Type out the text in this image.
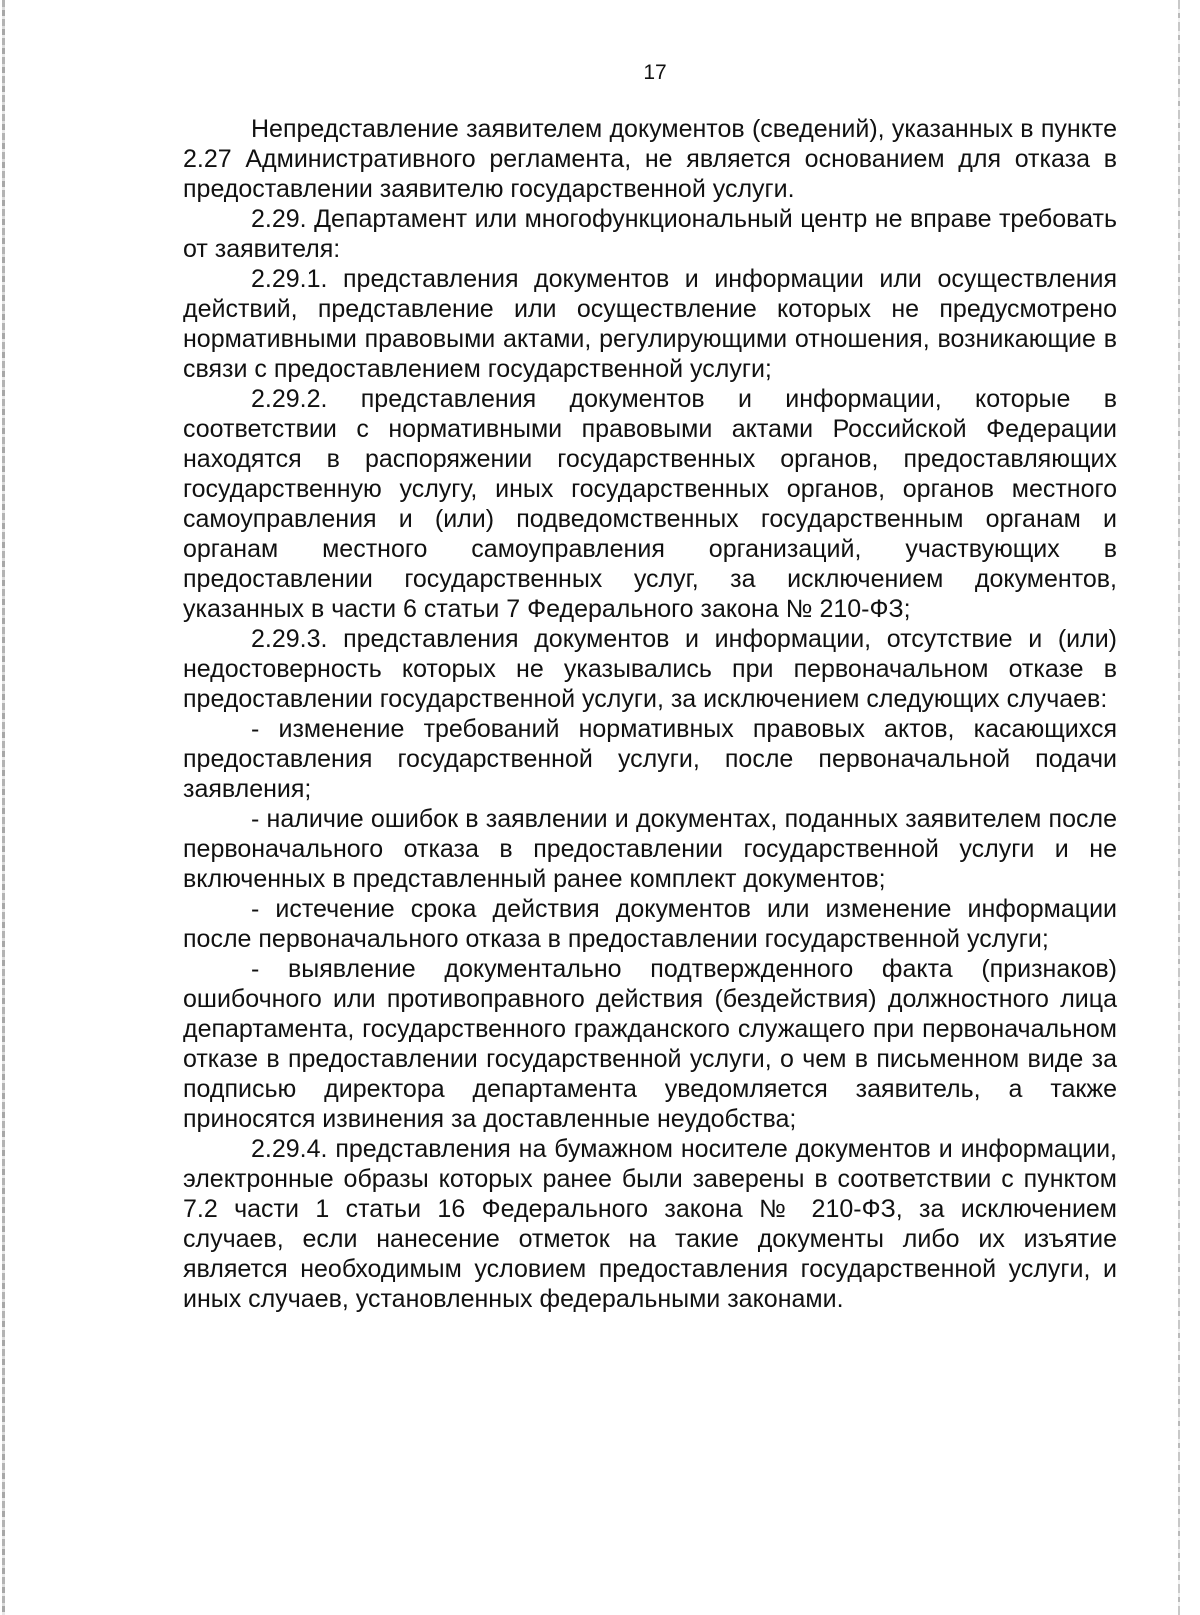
17

Непредставление заявителем документов (сведений), указанных в пункте 2.27 Административного регламента, не является основанием для отказа в предоставлении заявителю государственной услуги.

2.29. Департамент или многофункциональный центр не вправе требовать от заявителя:

2.29.1. представления документов и информации или осуществления действий, представление или осуществление которых не предусмотрено нормативными правовыми актами, регулирующими отношения, возникающие в связи с предоставлением государственной услуги;

2.29.2. представления документов и информации, которые в соответствии с нормативными правовыми актами Российской Федерации находятся в распоряжении государственных органов, предоставляющих государственную услугу, иных государственных органов, органов местного самоуправления и (или) подведомственных государственным органам и органам местного самоуправления организаций, участвующих в предоставлении государственных услуг, за исключением документов, указанных в части 6 статьи 7 Федерального закона № 210-ФЗ;

2.29.3. представления документов и информации, отсутствие и (или) недостоверность которых не указывались при первоначальном отказе в предоставлении государственной услуги, за исключением следующих случаев:

- изменение требований нормативных правовых актов, касающихся предоставления государственной услуги, после первоначальной подачи заявления;

- наличие ошибок в заявлении и документах, поданных заявителем после первоначального отказа в предоставлении государственной услуги и не включенных в представленный ранее комплект документов;

- истечение срока действия документов или изменение информации после первоначального отказа в предоставлении государственной услуги;

- выявление документально подтвержденного факта (признаков) ошибочного или противоправного действия (бездействия) должностного лица департамента, государственного гражданского служащего при первоначальном отказе в предоставлении государственной услуги, о чем в письменном виде за подписью директора департамента уведомляется заявитель, а также приносятся извинения за доставленные неудобства;

2.29.4. представления на бумажном носителе документов и информации, электронные образы которых ранее были заверены в соответствии с пунктом 7.2 части 1 статьи 16 Федерального закона № 210-ФЗ, за исключением случаев, если нанесение отметок на такие документы либо их изъятие является необходимым условием предоставления государственной услуги, и иных случаев, установленных федеральными законами.
